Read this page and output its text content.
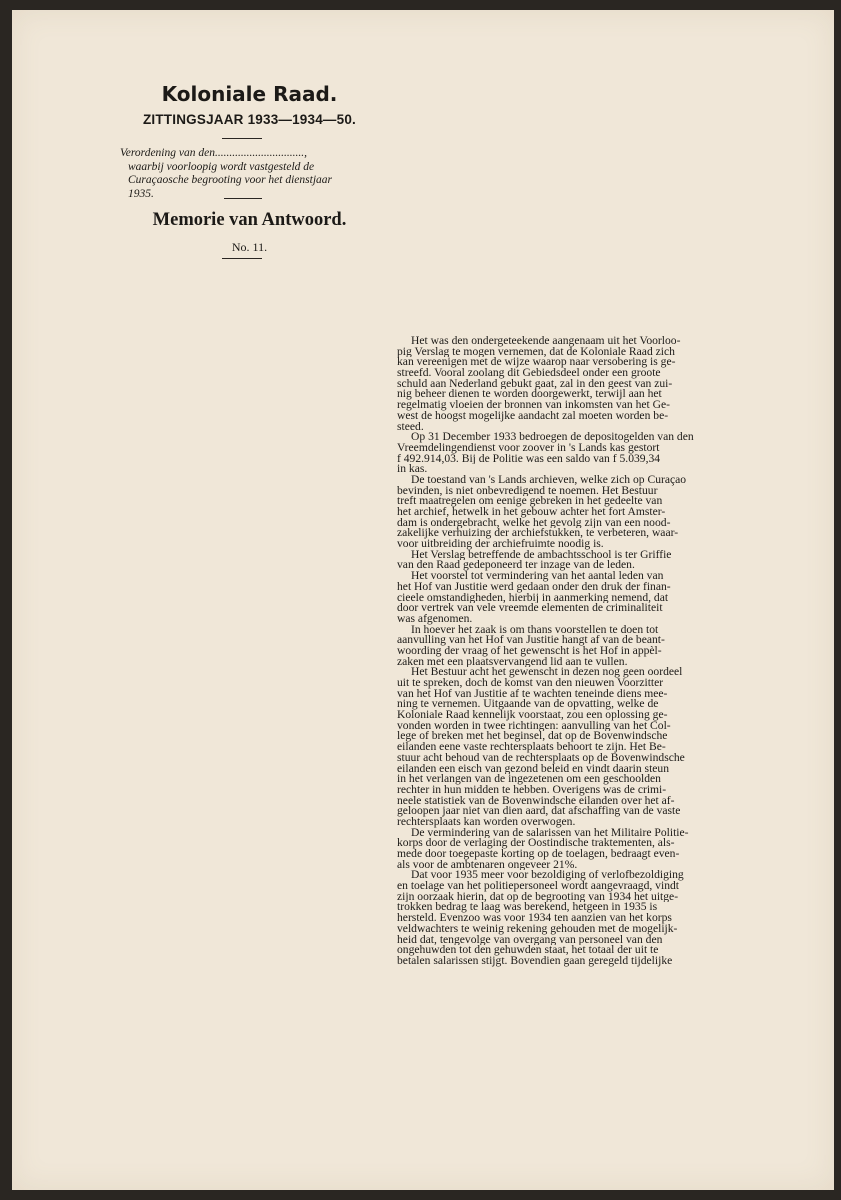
Koloniale Raad.
ZITTINGSJAAR 1933—1934—50.
Verordening van den...............................,
waarbij voorloopig wordt vastgesteld de
Curaçaosche begrooting voor het dienstjaar
1935.
Memorie van Antwoord.
No. 11.

Het was den ondergeteekende aangenaam uit het Voorloo-
pig Verslag te mogen vernemen, dat de Koloniale Raad zich
kan vereenigen met de wijze waarop naar versobering is ge-
streefd. Vooral zoolang dit Gebiedsdeel onder een groote
schuld aan Nederland gebukt gaat, zal in den geest van zui-
nig beheer dienen te worden doorgewerkt, terwijl aan het
regelmatig vloeien der bronnen van inkomsten van het Ge-
west de hoogst mogelijke aandacht zal moeten worden be-
steed.

Op 31 December 1933 bedroegen de depositogelden van den
Vreemdelingendienst voor zoover in 's Lands kas gestort
f 492.914,03. Bij de Politie was een saldo van f 5.039,34
in kas.

De toestand van 's Lands archieven, welke zich op Curaçao
bevinden, is niet onbevredigend te noemen. Het Bestuur
treft maatregelen om eenige gebreken in het gedeelte van
het archief, hetwelk in het gebouw achter het fort Amster-
dam is ondergebracht, welke het gevolg zijn van een nood-
zakelijke verhuizing der archiefstukken, te verbeteren, waar-
voor uitbreiding der archiefruimte noodig is.

Het Verslag betreffende de ambachtsschool is ter Griffie
van den Raad gedeponeerd ter inzage van de leden.

Het voorstel tot vermindering van het aantal leden van
het Hof van Justitie werd gedaan onder den druk der finan-
cieele omstandigheden, hierbij in aanmerking nemend, dat
door vertrek van vele vreemde elementen de criminaliteit
was afgenomen.

In hoever het zaak is om thans voorstellen te doen tot
aanvulling van het Hof van Justitie hangt af van de beant-
woording der vraag of het gewenscht is het Hof in appèl-
zaken met een plaatsvervangend lid aan te vullen.

Het Bestuur acht het gewenscht in dezen nog geen oordeel
uit te spreken, doch de komst van den nieuwen Voorzitter
van het Hof van Justitie af te wachten teneinde diens mee-
ning te vernemen. Uitgaande van de opvatting, welke de
Koloniale Raad kennelijk voorstaat, zou een oplossing ge-
vonden worden in twee richtingen: aanvulling van het Col-
lege of breken met het beginsel, dat op de Bovenwindsche
eilanden eene vaste rechtersplaats behoort te zijn. Het Be-
stuur acht behoud van de rechtersplaats op de Bovenwindsche
eilanden een eisch van gezond beleid en vindt daarin steun
in het verlangen van de ingezetenen om een geschoolden
rechter in hun midden te hebben. Overigens was de crimi-
neele statistiek van de Bovenwindsche eilanden over het af-
geloopen jaar niet van dien aard, dat afschaffing van de vaste
rechtersplaats kan worden overwogen.

De vermindering van de salarissen van het Militaire Politie-
korps door de verlaging der Oostindische traktementen, als-
mede door toegepaste korting op de toelagen, bedraagt even-
als voor de ambtenaren ongeveer 21%.

Dat voor 1935 meer voor bezoldiging of verlofbezoldiging
en toelage van het politiepersoneel wordt aangevraagd, vindt
zijn oorzaak hierin, dat op de begrooting van 1934 het uitge-
trokken bedrag te laag was berekend, hetgeen in 1935 is
hersteld. Evenzoo was voor 1934 ten aanzien van het korps
veldwachters te weinig rekening gehouden met de mogelijk-
heid dat, tengevolge van overgang van personeel van den
ongehuwden tot den gehuwden staat, het totaal der uit te
betalen salarissen stijgt. Bovendien gaan geregeld tijdelijke
